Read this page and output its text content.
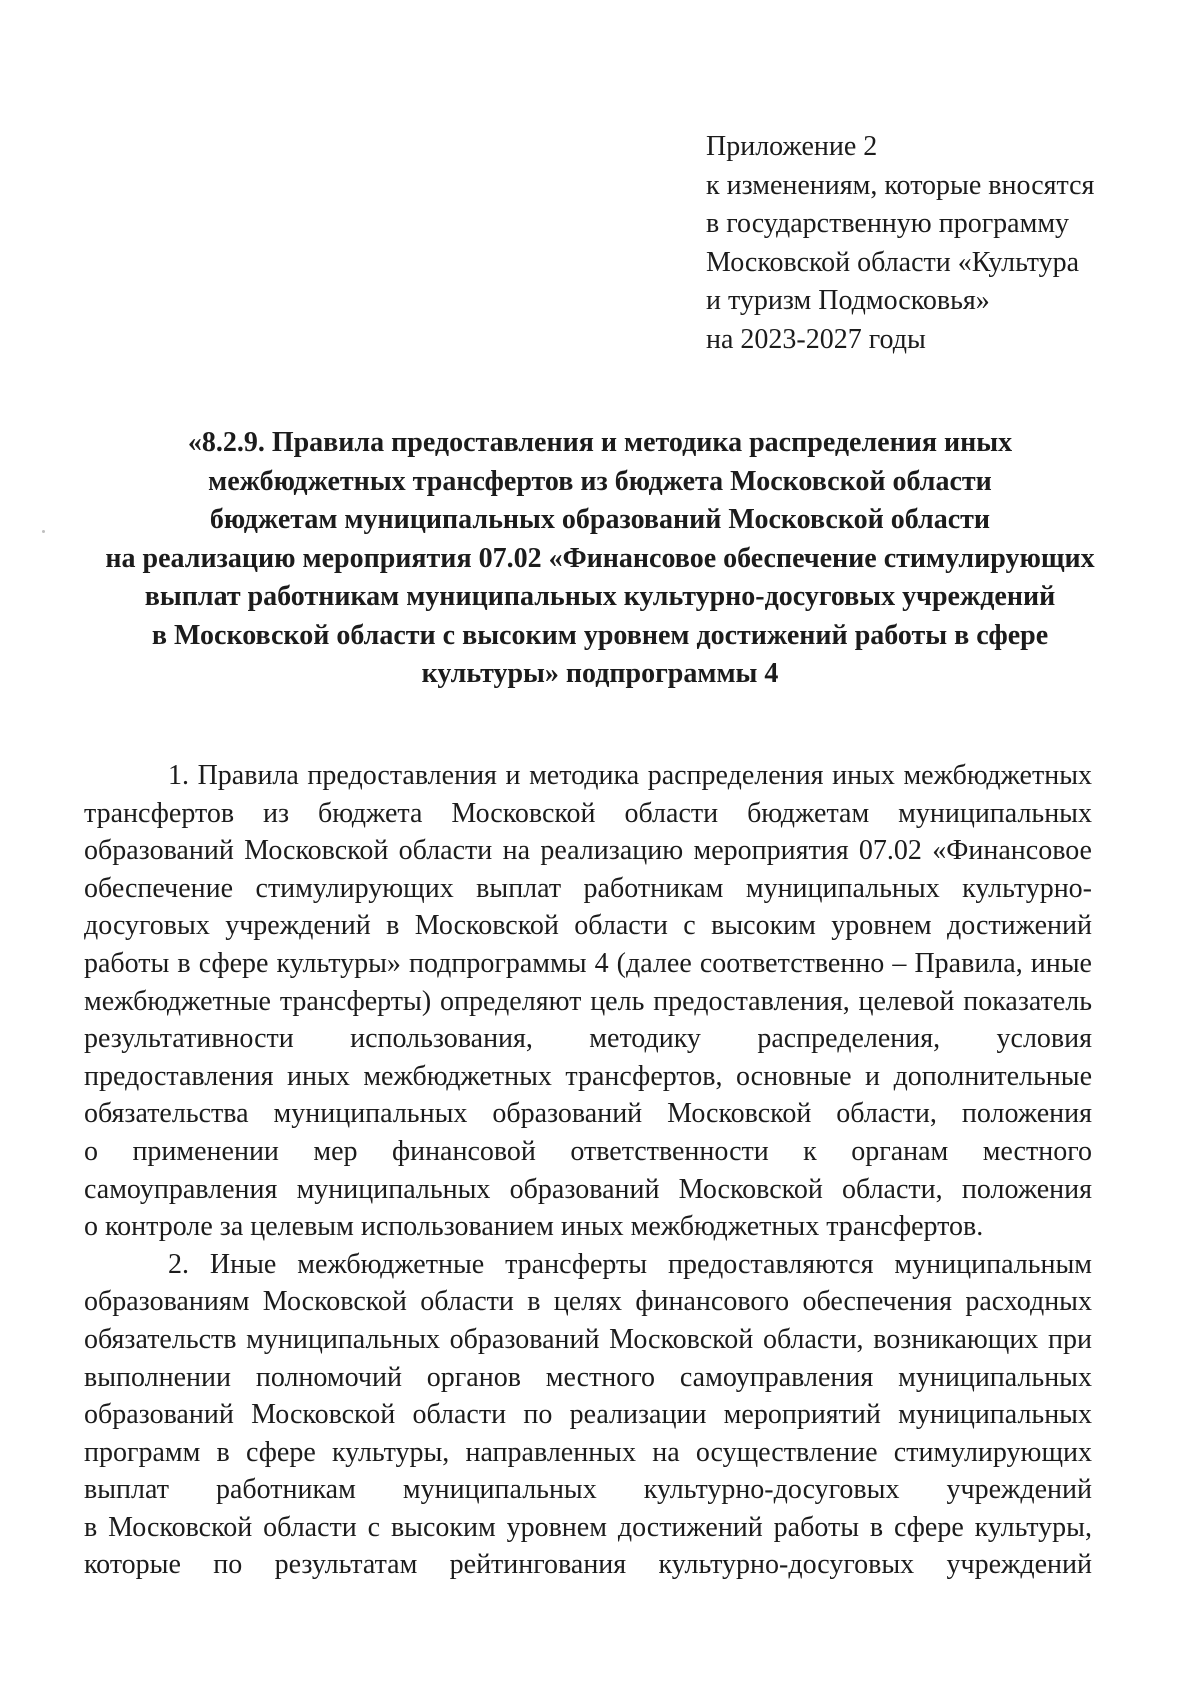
Приложение 2
к изменениям, которые вносятся
в государственную программу
Московской области «Культура
и туризм Подмосковья»
на 2023-2027 годы
«8.2.9. Правила предоставления и методика распределения иных
межбюджетных трансфертов из бюджета Московской области
бюджетам муниципальных образований Московской области
на реализацию мероприятия 07.02 «Финансовое обеспечение стимулирующих
выплат работникам муниципальных культурно-досуговых учреждений
в Московской области с высоким уровнем достижений работы в сфере
культуры» подпрограммы 4
1. Правила предоставления и методика распределения иных межбюджетных
трансфертов из бюджета Московской области бюджетам муниципальных
образований Московской области на реализацию мероприятия 07.02 «Финансовое
обеспечение стимулирующих выплат работникам муниципальных культурно-
досуговых учреждений в Московской области с высоким уровнем достижений
работы в сфере культуры» подпрограммы 4 (далее соответственно – Правила, иные
межбюджетные трансферты) определяют цель предоставления, целевой показатель
результативности использования, методику распределения, условия
предоставления иных межбюджетных трансфертов, основные и дополнительные
обязательства муниципальных образований Московской области, положения
о применении мер финансовой ответственности к органам местного
самоуправления муниципальных образований Московской области, положения
о контроле за целевым использованием иных межбюджетных трансфертов.
2. Иные межбюджетные трансферты предоставляются муниципальным
образованиям Московской области в целях финансового обеспечения расходных
обязательств муниципальных образований Московской области, возникающих при
выполнении полномочий органов местного самоуправления муниципальных
образований Московской области по реализации мероприятий муниципальных
программ в сфере культуры, направленных на осуществление стимулирующих
выплат работникам муниципальных культурно-досуговых учреждений
в Московской области с высоким уровнем достижений работы в сфере культуры,
которые по результатам рейтингования культурно-досуговых учреждений
